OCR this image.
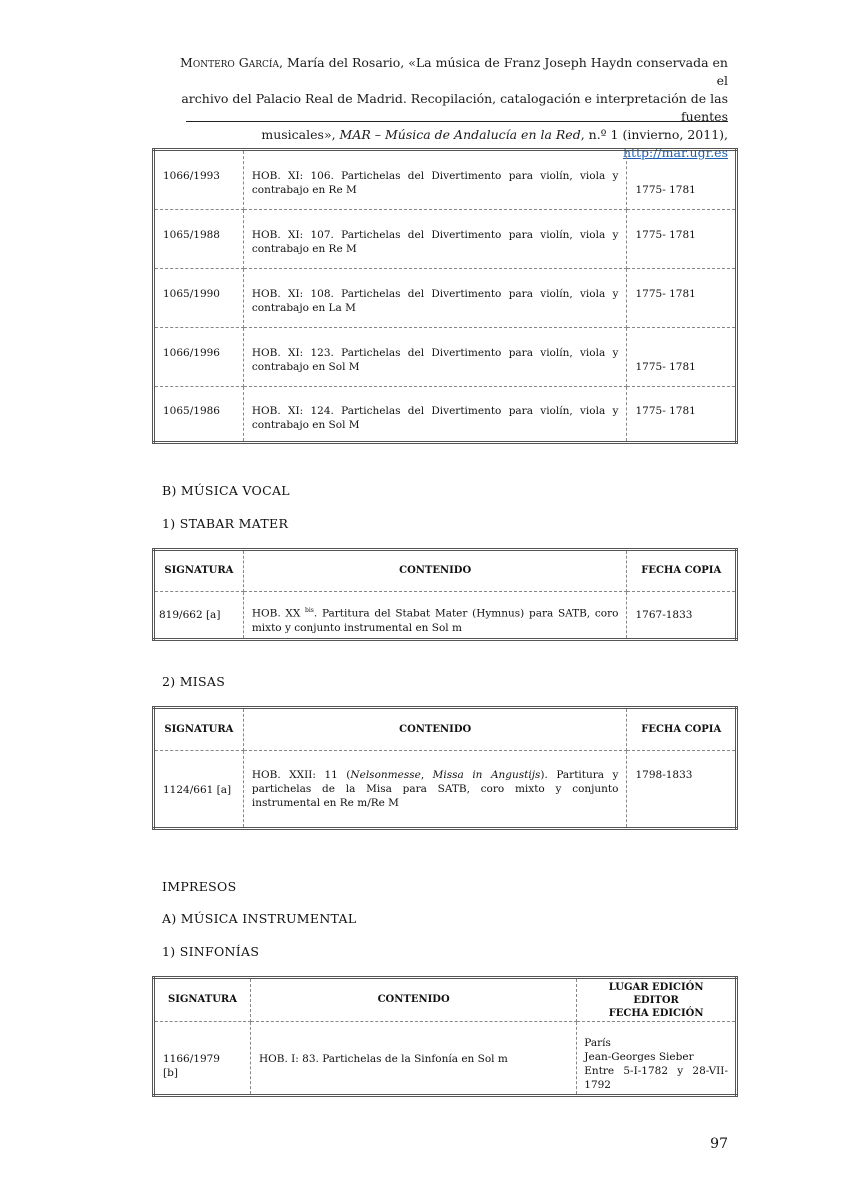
Montero García, María del Rosario, «La música de Franz Joseph Haydn conservada en el
archivo del Palacio Real de Madrid. Recopilación, catalogación e interpretación de las fuentes
musicales», MAR – Música de Andalucía en la Red, n.º 1 (invierno, 2011), http://mar.ugr.es
1066/1993	HOB. XI: 106. Partichelas del Divertimento para violín, viola y contrabajo en Re M	1775- 1781

1065/1988	HOB. XI: 107. Partichelas del Divertimento para violín, viola y contrabajo en Re M	1775- 1781

1065/1990	HOB. XI: 108. Partichelas del Divertimento para violín, viola y contrabajo en La M	1775- 1781

1066/1996	HOB. XI: 123. Partichelas del Divertimento para violín, viola y contrabajo en Sol M	1775- 1781

1065/1986	HOB. XI: 124. Partichelas del Divertimento para violín, viola y contrabajo en Sol M	1775- 1781
B) MÚSICA VOCAL
1) STABAR MATER
SIGNATURA	CONTENIDO	FECHA COPIA

819/662 [a]	HOB. XX $^{bis}$. Partitura del Stabat Mater (Hymnus) para SATB, coro mixto y conjunto instrumental en Sol m	1767-1833
2) MISAS
SIGNATURA	CONTENIDO	FECHA COPIA

1124/661 [a]	HOB. XXII: 11 (Nelsonmesse, Missa in Angustijs). Partitura y partichelas de la Misa para SATB, coro mixto y conjunto instrumental en Re m/Re M	1798-1833
IMPRESOS
A) MÚSICA INSTRUMENTAL
1) SINFONÍAS
SIGNATURA	CONTENIDO	LUGAR EDICIÓN
EDITOR
FECHA EDICIÓN

1166/1979 [b]	HOB. I: 83. Partichelas de la Sinfonía en Sol m	París
Jean-Georges Sieber
Entre 5-I-1782 y 28-VII-1792
97
